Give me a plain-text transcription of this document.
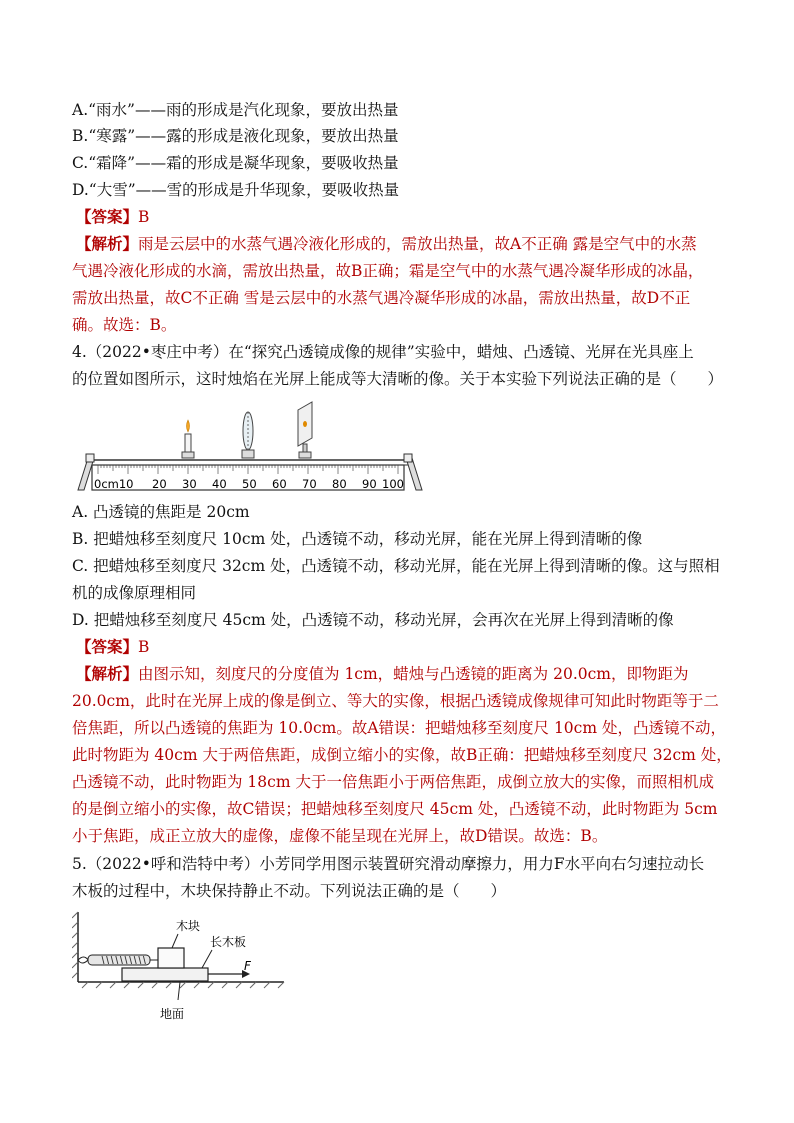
A.“雨水”——雨的形成是汽化现象，要放出热量
B.“寒露”——露的形成是液化现象，要放出热量
C.“霜降”——霜的形成是凝华现象，要吸收热量
D.“大雪”——雪的形成是升华现象，要吸收热量
【答案】B
【解析】雨是云层中的水蒸气遇冷液化形成的，需放出热量，故A不正确 露是空气中的水蒸
气遇冷液化形成的水滴，需放出热量，故B正确；霜是空气中的水蒸气遇冷凝华形成的冰晶，
需放出热量，故C不正确 雪是云层中的水蒸气遇冷凝华形成的冰晶，需放出热量，故D不正
确。故选：B。
4.（2022•枣庄中考）在“探究凸透镜成像的规律”实验中，蜡烛、凸透镜、光屏在光具座上
的位置如图所示，这时烛焰在光屏上能成等大清晰的像。关于本实验下列说法正确的是（　　）
0cm10 20 30 40 50 60 70 80 90 100
A. 凸透镜的焦距是 20cm
B. 把蜡烛移至刻度尺 10cm 处，凸透镜不动，移动光屏，能在光屏上得到清晰的像
C. 把蜡烛移至刻度尺 32cm 处，凸透镜不动，移动光屏，能在光屏上得到清晰的像。这与照相
机的成像原理相同
D. 把蜡烛移至刻度尺 45cm 处，凸透镜不动，移动光屏，会再次在光屏上得到清晰的像
【答案】B
【解析】由图示知，刻度尺的分度值为 1cm，蜡烛与凸透镜的距离为 20.0cm，即物距为
20.0cm，此时在光屏上成的像是倒立、等大的实像，根据凸透镜成像规律可知此时物距等于二
倍焦距，所以凸透镜的焦距为 10.0cm。故A错误：把蜡烛移至刻度尺 10cm 处，凸透镜不动，
此时物距为 40cm 大于两倍焦距，成倒立缩小的实像，故B正确：把蜡烛移至刻度尺 32cm 处，
凸透镜不动，此时物距为 18cm 大于一倍焦距小于两倍焦距，成倒立放大的实像，而照相机成
的是倒立缩小的实像，故C错误；把蜡烛移至刻度尺 45cm 处，凸透镜不动，此时物距为 5cm
小于焦距，成正立放大的虚像，虚像不能呈现在光屏上，故D错误。故选：B。
5.（2022•呼和浩特中考）小芳同学用图示装置研究滑动摩擦力，用力F水平向右匀速拉动长
木板的过程中，木块保持静止不动。下列说法正确的是（　　）
F
木块
长木板
地面
